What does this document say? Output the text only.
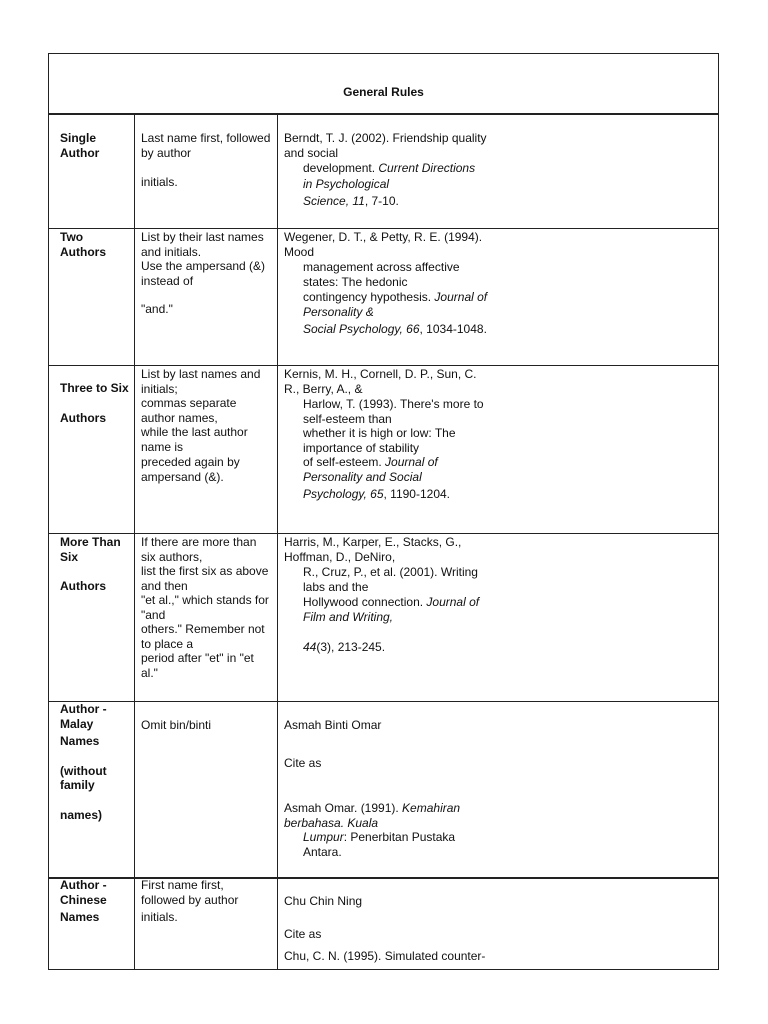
General Rules
Single
Author
Last name first, followed
by author
initials.
Berndt, T. J. (2002). Friendship quality
and social
development. Current Directions
in Psychological
Science, 11, 7-10.
Two
Authors
List by their last names
and initials.
Use the ampersand (&)
instead of
"and."
Wegener, D. T., & Petty, R. E. (1994).
Mood
management across affective
states: The hedonic
contingency hypothesis. Journal of
Personality &
Social Psychology, 66, 1034-1048.
Three to Six
Authors
List by last names and
initials;
commas separate
author names,
while the last author
name is
preceded again by
ampersand (&).
Kernis, M. H., Cornell, D. P., Sun, C.
R., Berry, A., &
Harlow, T. (1993). There's more to
self-esteem than
whether it is high or low: The
importance of stability
of self-esteem. Journal of
Personality and Social
Psychology, 65, 1190-1204.
More Than
Six
Authors
If there are more than
six authors,
list the first six as above
and then
"et al.," which stands for
"and
others." Remember not
to place a
period after "et" in "et
al."
Harris, M., Karper, E., Stacks, G.,
Hoffman, D., DeNiro,
R., Cruz, P., et al. (2001). Writing
labs and the
Hollywood connection. Journal of
Film and Writing,
44(3), 213-245.
Author -
Malay
Names
(without
family
names)
Omit bin/binti	Asmah Binti Omar
Cite as
Asmah Omar. (1991). Kemahiran
berbahasa. Kuala
Lumpur: Penerbitan Pustaka
Antara.
Author -
Chinese
Names
First name first,
followed by author
initials.
Chu Chin Ning
Cite as
Chu, C. N. (1995). Simulated counter-
